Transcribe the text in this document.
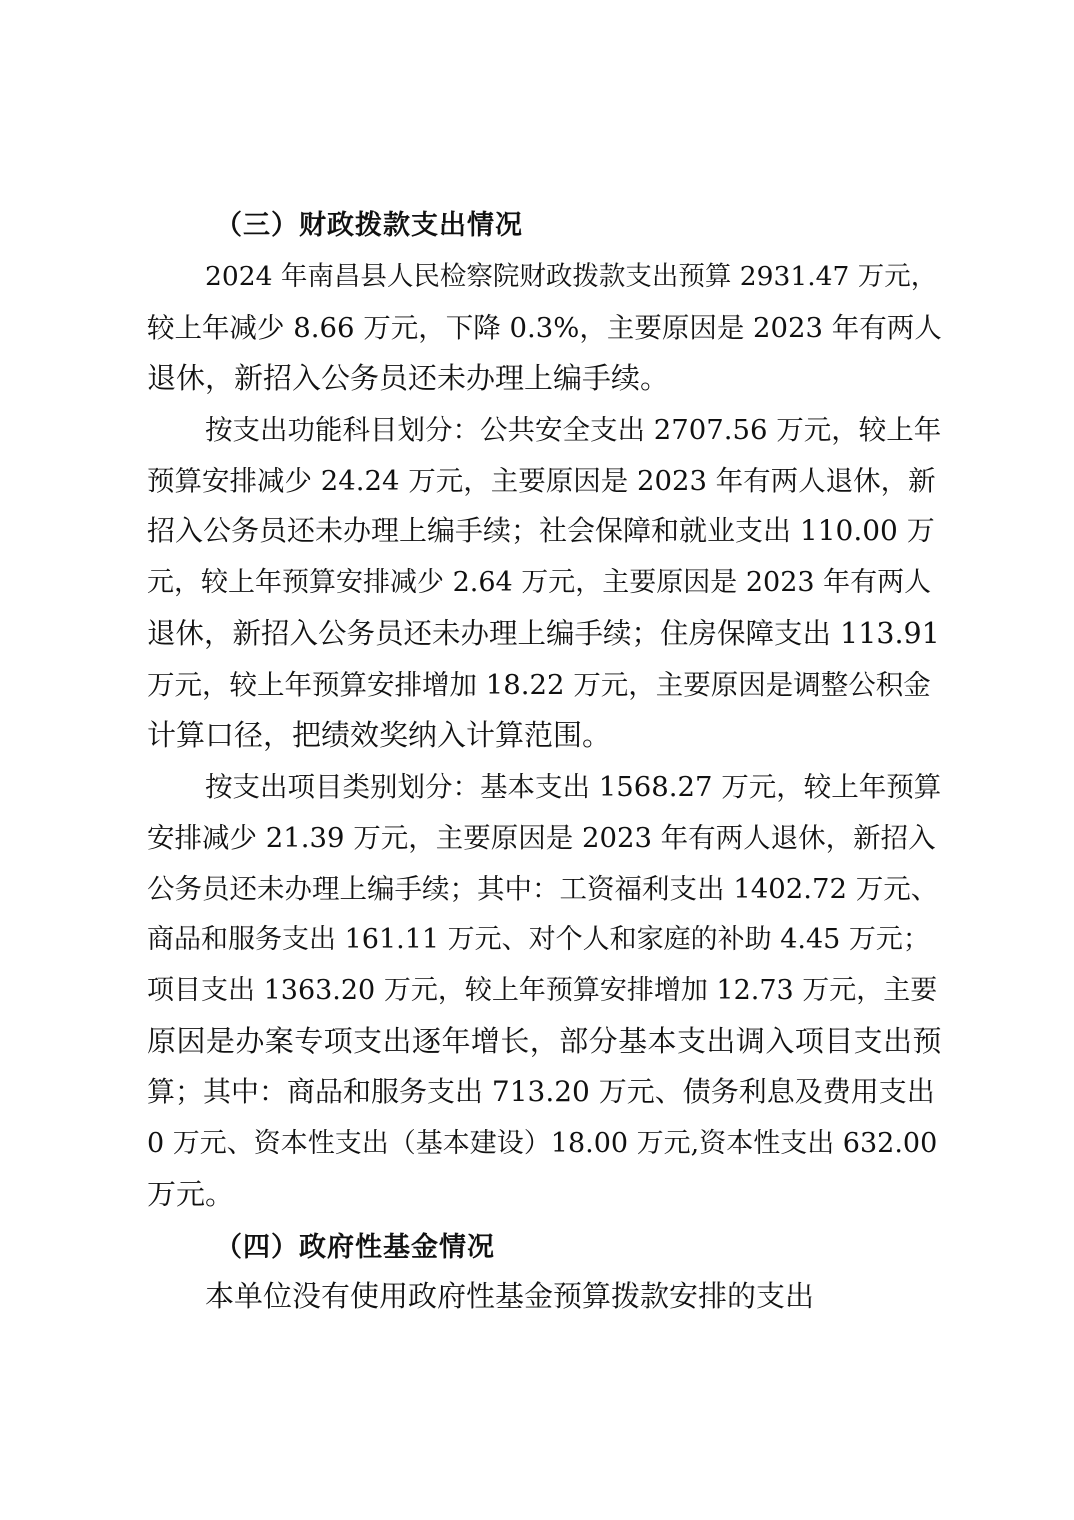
（三）财政拨款支出情况
2024 年南昌县人民检察院财政拨款支出预算 2931.47 万元，
较上年减少 8.66 万元，下降 0.3%，主要原因是 2023 年有两人
退休，新招入公务员还未办理上编手续。
按支出功能科目划分：公共安全支出 2707.56 万元，较上年
预算安排减少 24.24 万元，主要原因是 2023 年有两人退休，新
招入公务员还未办理上编手续；社会保障和就业支出 110.00 万
元，较上年预算安排减少 2.64 万元，主要原因是 2023 年有两人
退休，新招入公务员还未办理上编手续；住房保障支出 113.91
万元，较上年预算安排增加 18.22 万元，主要原因是调整公积金
计算口径，把绩效奖纳入计算范围。
按支出项目类别划分：基本支出 1568.27 万元，较上年预算
安排减少 21.39 万元，主要原因是 2023 年有两人退休，新招入
公务员还未办理上编手续；其中：工资福利支出 1402.72 万元、
商品和服务支出 161.11 万元、对个人和家庭的补助 4.45 万元；
项目支出 1363.20 万元，较上年预算安排增加 12.73 万元，主要
原因是办案专项支出逐年增长，部分基本支出调入项目支出预
算；其中：商品和服务支出 713.20 万元、债务利息及费用支出
0 万元、资本性支出（基本建设）18.00 万元,资本性支出 632.00
万元。
（四）政府性基金情况
本单位没有使用政府性基金预算拨款安排的支出
